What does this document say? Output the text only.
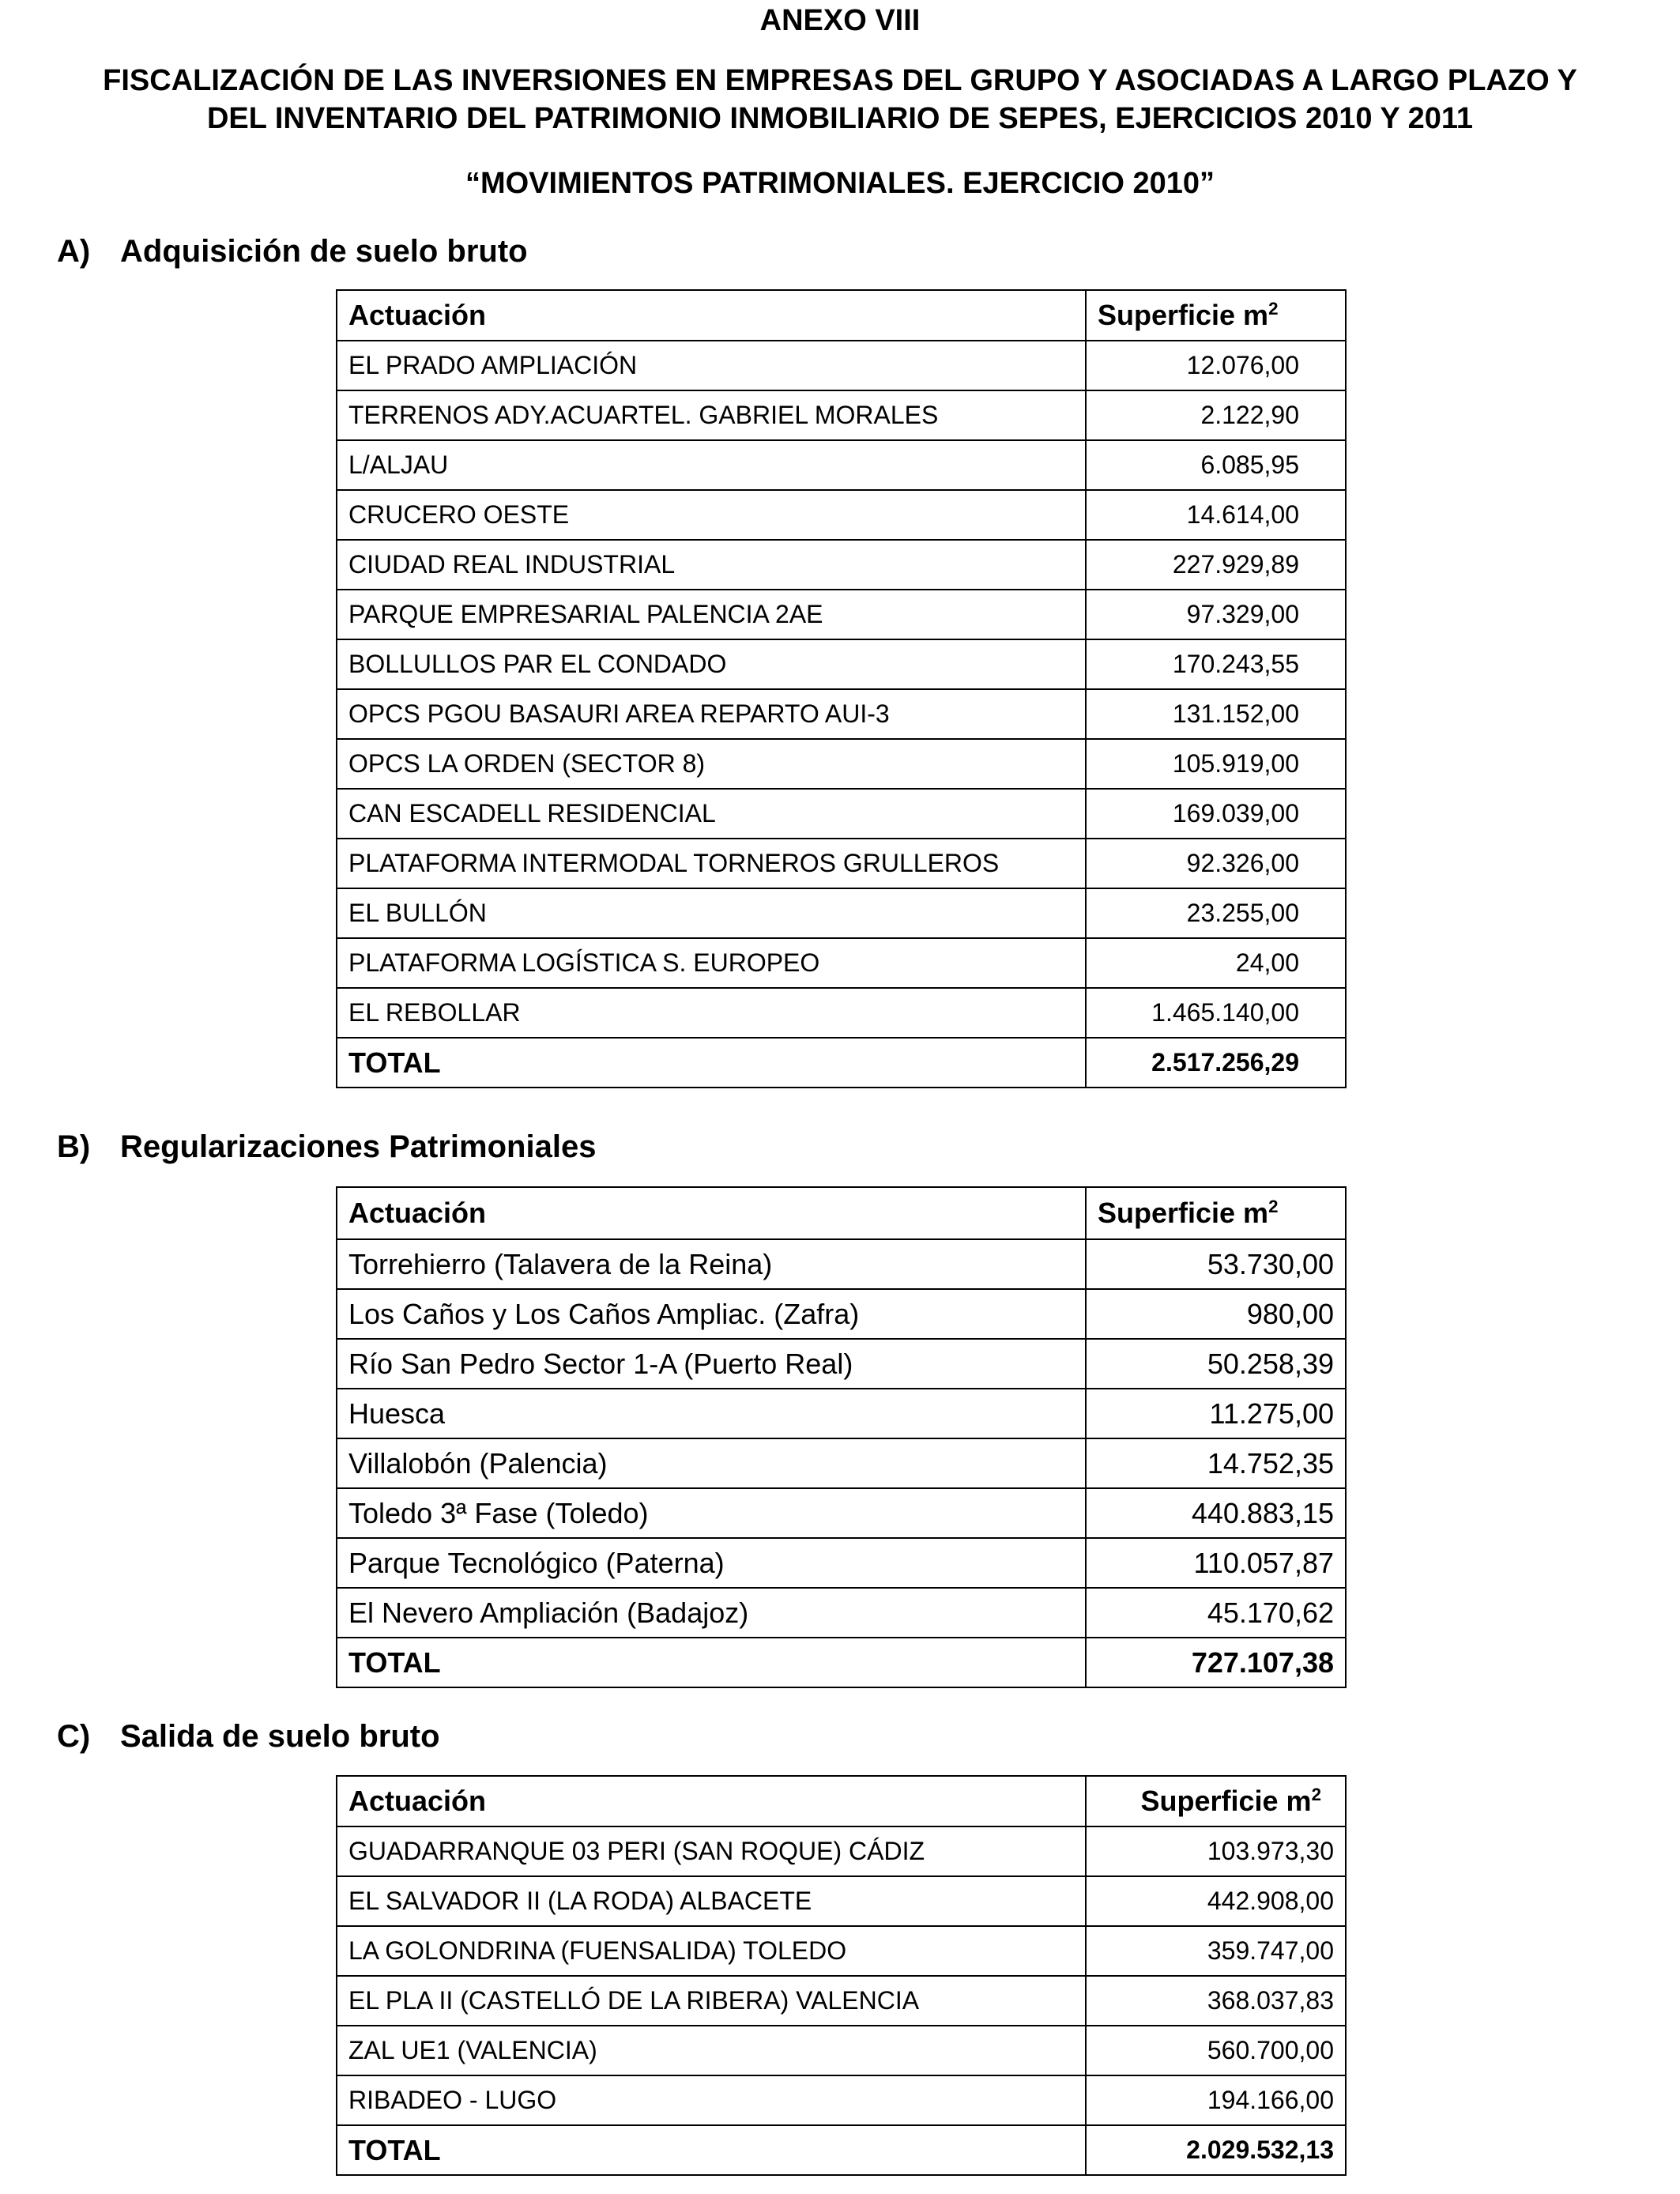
ANEXO VIII
FISCALIZACIÓN DE LAS INVERSIONES EN EMPRESAS DEL GRUPO Y ASOCIADAS A LARGO PLAZO Y
DEL INVENTARIO DEL PATRIMONIO INMOBILIARIO DE SEPES, EJERCICIOS 2010 Y 2011
“MOVIMIENTOS PATRIMONIALES. EJERCICIO 2010”
A) Adquisición de suelo bruto
Actuación	Superficie $m^2$
EL PRADO AMPLIACIÓN	12.076,00
TERRENOS ADY.ACUARTEL. GABRIEL MORALES	2.122,90
L/ALJAU	6.085,95
CRUCERO OESTE	14.614,00
CIUDAD REAL INDUSTRIAL	227.929,89
PARQUE EMPRESARIAL PALENCIA 2AE	97.329,00
BOLLULLOS PAR EL CONDADO	170.243,55
OPCS PGOU BASAURI AREA REPARTO AUI-3	131.152,00
OPCS LA ORDEN (SECTOR 8)	105.919,00
CAN ESCADELL RESIDENCIAL	169.039,00
PLATAFORMA INTERMODAL TORNEROS GRULLEROS	92.326,00
EL BULLÓN	23.255,00
PLATAFORMA LOGÍSTICA S. EUROPEO	24,00
EL REBOLLAR	1.465.140,00
TOTAL	2.517.256,29
B) Regularizaciones Patrimoniales
Actuación	Superficie $m^2$
Torrehierro (Talavera de la Reina)	53.730,00
Los Caños y Los Caños Ampliac. (Zafra)	980,00
Río San Pedro Sector 1-A (Puerto Real)	50.258,39
Huesca	11.275,00
Villalobón (Palencia)	14.752,35
Toledo 3ª Fase (Toledo)	440.883,15
Parque Tecnológico (Paterna)	110.057,87
El Nevero Ampliación (Badajoz)	45.170,62
TOTAL	727.107,38
C) Salida de suelo bruto
Actuación	Superficie $m^2$
GUADARRANQUE 03 PERI (SAN ROQUE) CÁDIZ	103.973,30
EL SALVADOR II (LA RODA) ALBACETE	442.908,00
LA GOLONDRINA (FUENSALIDA) TOLEDO	359.747,00
EL PLA II (CASTELLÓ DE LA RIBERA) VALENCIA	368.037,83
ZAL UE1 (VALENCIA)	560.700,00
RIBADEO - LUGO	194.166,00
TOTAL	2.029.532,13
